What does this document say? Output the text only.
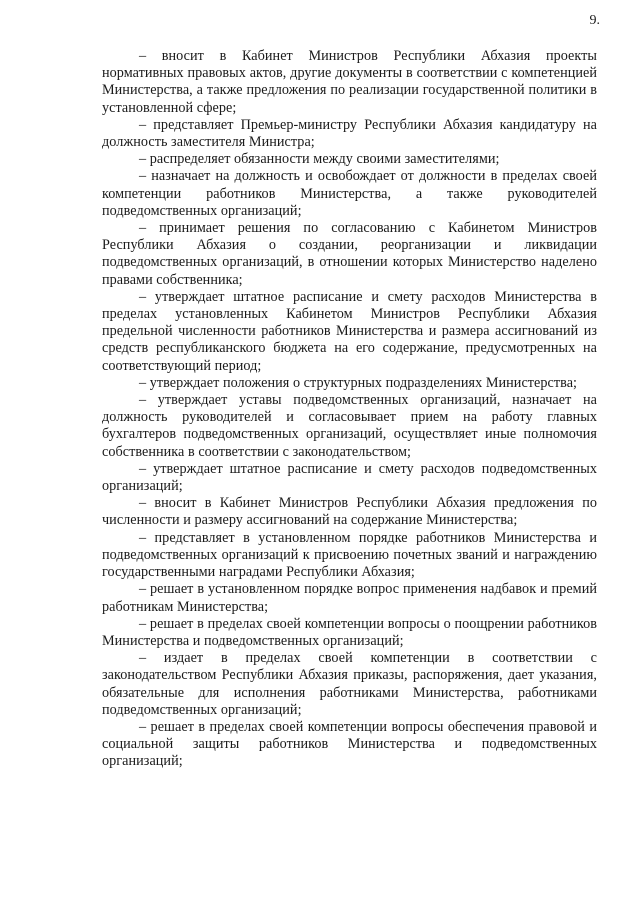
9.

– вносит в Кабинет Министров Республики Абхазия проекты нормативных правовых актов, другие документы в соответствии с компетенцией Министерства, а также предложения по реализации государственной политики в установленной сфере;

– представляет Премьер-министру Республики Абхазия кандидатуру на должность заместителя Министра;

– распределяет обязанности между своими заместителями;

– назначает на должность и освобождает от должности в пределах своей компетенции работников Министерства, а также руководителей подведомственных организаций;

– принимает решения по согласованию с Кабинетом Министров Республики Абхазия о создании, реорганизации и ликвидации подведомственных организаций, в отношении которых Министерство наделено правами собственника;

– утверждает штатное расписание и смету расходов Министерства в пределах установленных Кабинетом Министров Республики Абхазия предельной численности работников Министерства и размера ассигнований из средств республиканского бюджета на его содержание, предусмотренных на соответствующий период;

– утверждает положения о структурных подразделениях Министерства;

– утверждает уставы подведомственных организаций, назначает на должность руководителей и согласовывает прием на работу главных бухгалтеров подведомственных организаций, осуществляет иные полномочия собственника в соответствии с законодательством;

– утверждает штатное расписание и смету расходов подведомственных организаций;

– вносит в Кабинет Министров Республики Абхазия предложения по численности и размеру ассигнований на содержание Министерства;

– представляет в установленном порядке работников Министерства и подведомственных организаций к присвоению почетных званий и награждению государственными наградами Республики Абхазия;

– решает в установленном порядке вопрос применения надбавок и премий работникам Министерства;

– решает в пределах своей компетенции вопросы о поощрении работников Министерства и подведомственных организаций;

– издает в пределах своей компетенции в соответствии с законодательством Республики Абхазия приказы, распоряжения, дает указания, обязательные для исполнения работниками Министерства, работниками подведомственных организаций;

– решает в пределах своей компетенции вопросы обеспечения правовой и социальной защиты работников Министерства и подведомственных организаций;
